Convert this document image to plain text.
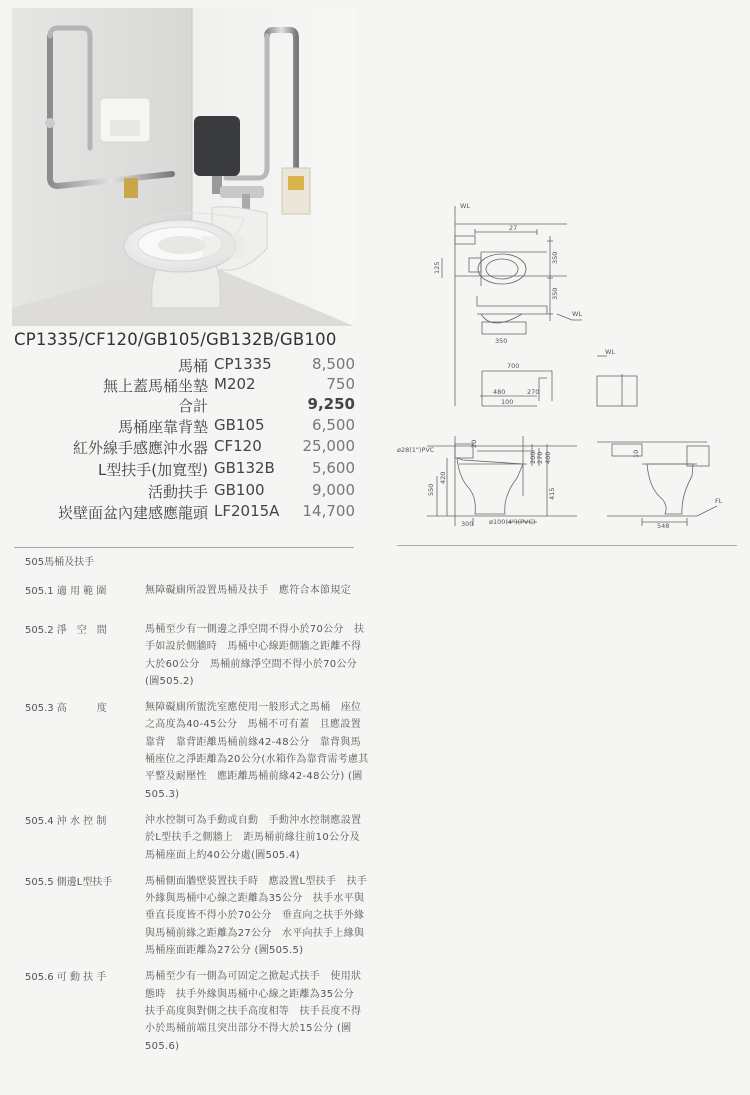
CP1335/CF120/GB105/GB132B/GB100
馬桶 CP1335	8,500
無上蓋馬桶坐墊 M202	750
合計	9,250
馬桶座靠背墊 GB105	6,500
紅外線手感應沖水器 CF120	25,000
L型扶手(加寬型) GB132B 5,600
活動扶手 GB100	9,000
崁壁面盆內建感應龍頭 LF2015A 14,700
WL
WL
WL
FL
ø28(1")PVC
ø100(4")(PVC)
27
125
350
350
350
700
480	270
100
550
420
200 270 400
415
300	548
10
20
505馬桶及扶手
505.1 適 用 範 圍	無障礙廁所設置馬桶及扶手　應符合本節規定
505.2 淨　空　間	馬桶至少有一側邊之淨空間不得小於70公分　扶手如設於側牆時　馬桶中心線距側牆之距離不得大於60公分　馬桶前緣淨空間不得小於70公分 (圖505.2)
505.3 高　　　度	無障礙廁所盥洗室應使用一般形式之馬桶　座位之高度為40-45公分　馬桶不可有蓋　且應設置靠背　靠背距離馬桶前緣42-48公分　靠背與馬桶座位之淨距離為20公分(水箱作為靠背需考慮其平整及耐壓性　應距離馬桶前緣42-48公分) (圖505.3)
505.4 沖 水 控 制	沖水控制可為手動或自動　手動沖水控制應設置於L型扶手之側牆上　距馬桶前緣往前10公分及馬桶座面上約40公分處(圖505.4)
505.5 側邊L型扶手	馬桶側面牆壁裝置扶手時　應設置L型扶手　扶手外緣與馬桶中心線之距離為35公分　扶手水平與垂直長度皆不得小於70公分　垂直向之扶手外緣與馬桶前緣之距離為27公分　水平向扶手上緣與馬桶座面距離為27公分 (圖505.5)
505.6 可 動 扶 手	馬桶至少有一側為可固定之掀起式扶手　使用狀態時　扶手外緣與馬桶中心線之距離為35公分　扶手高度與對側之扶手高度相等　扶手長度不得小於馬桶前端且突出部分不得大於15公分 (圖505.6)
